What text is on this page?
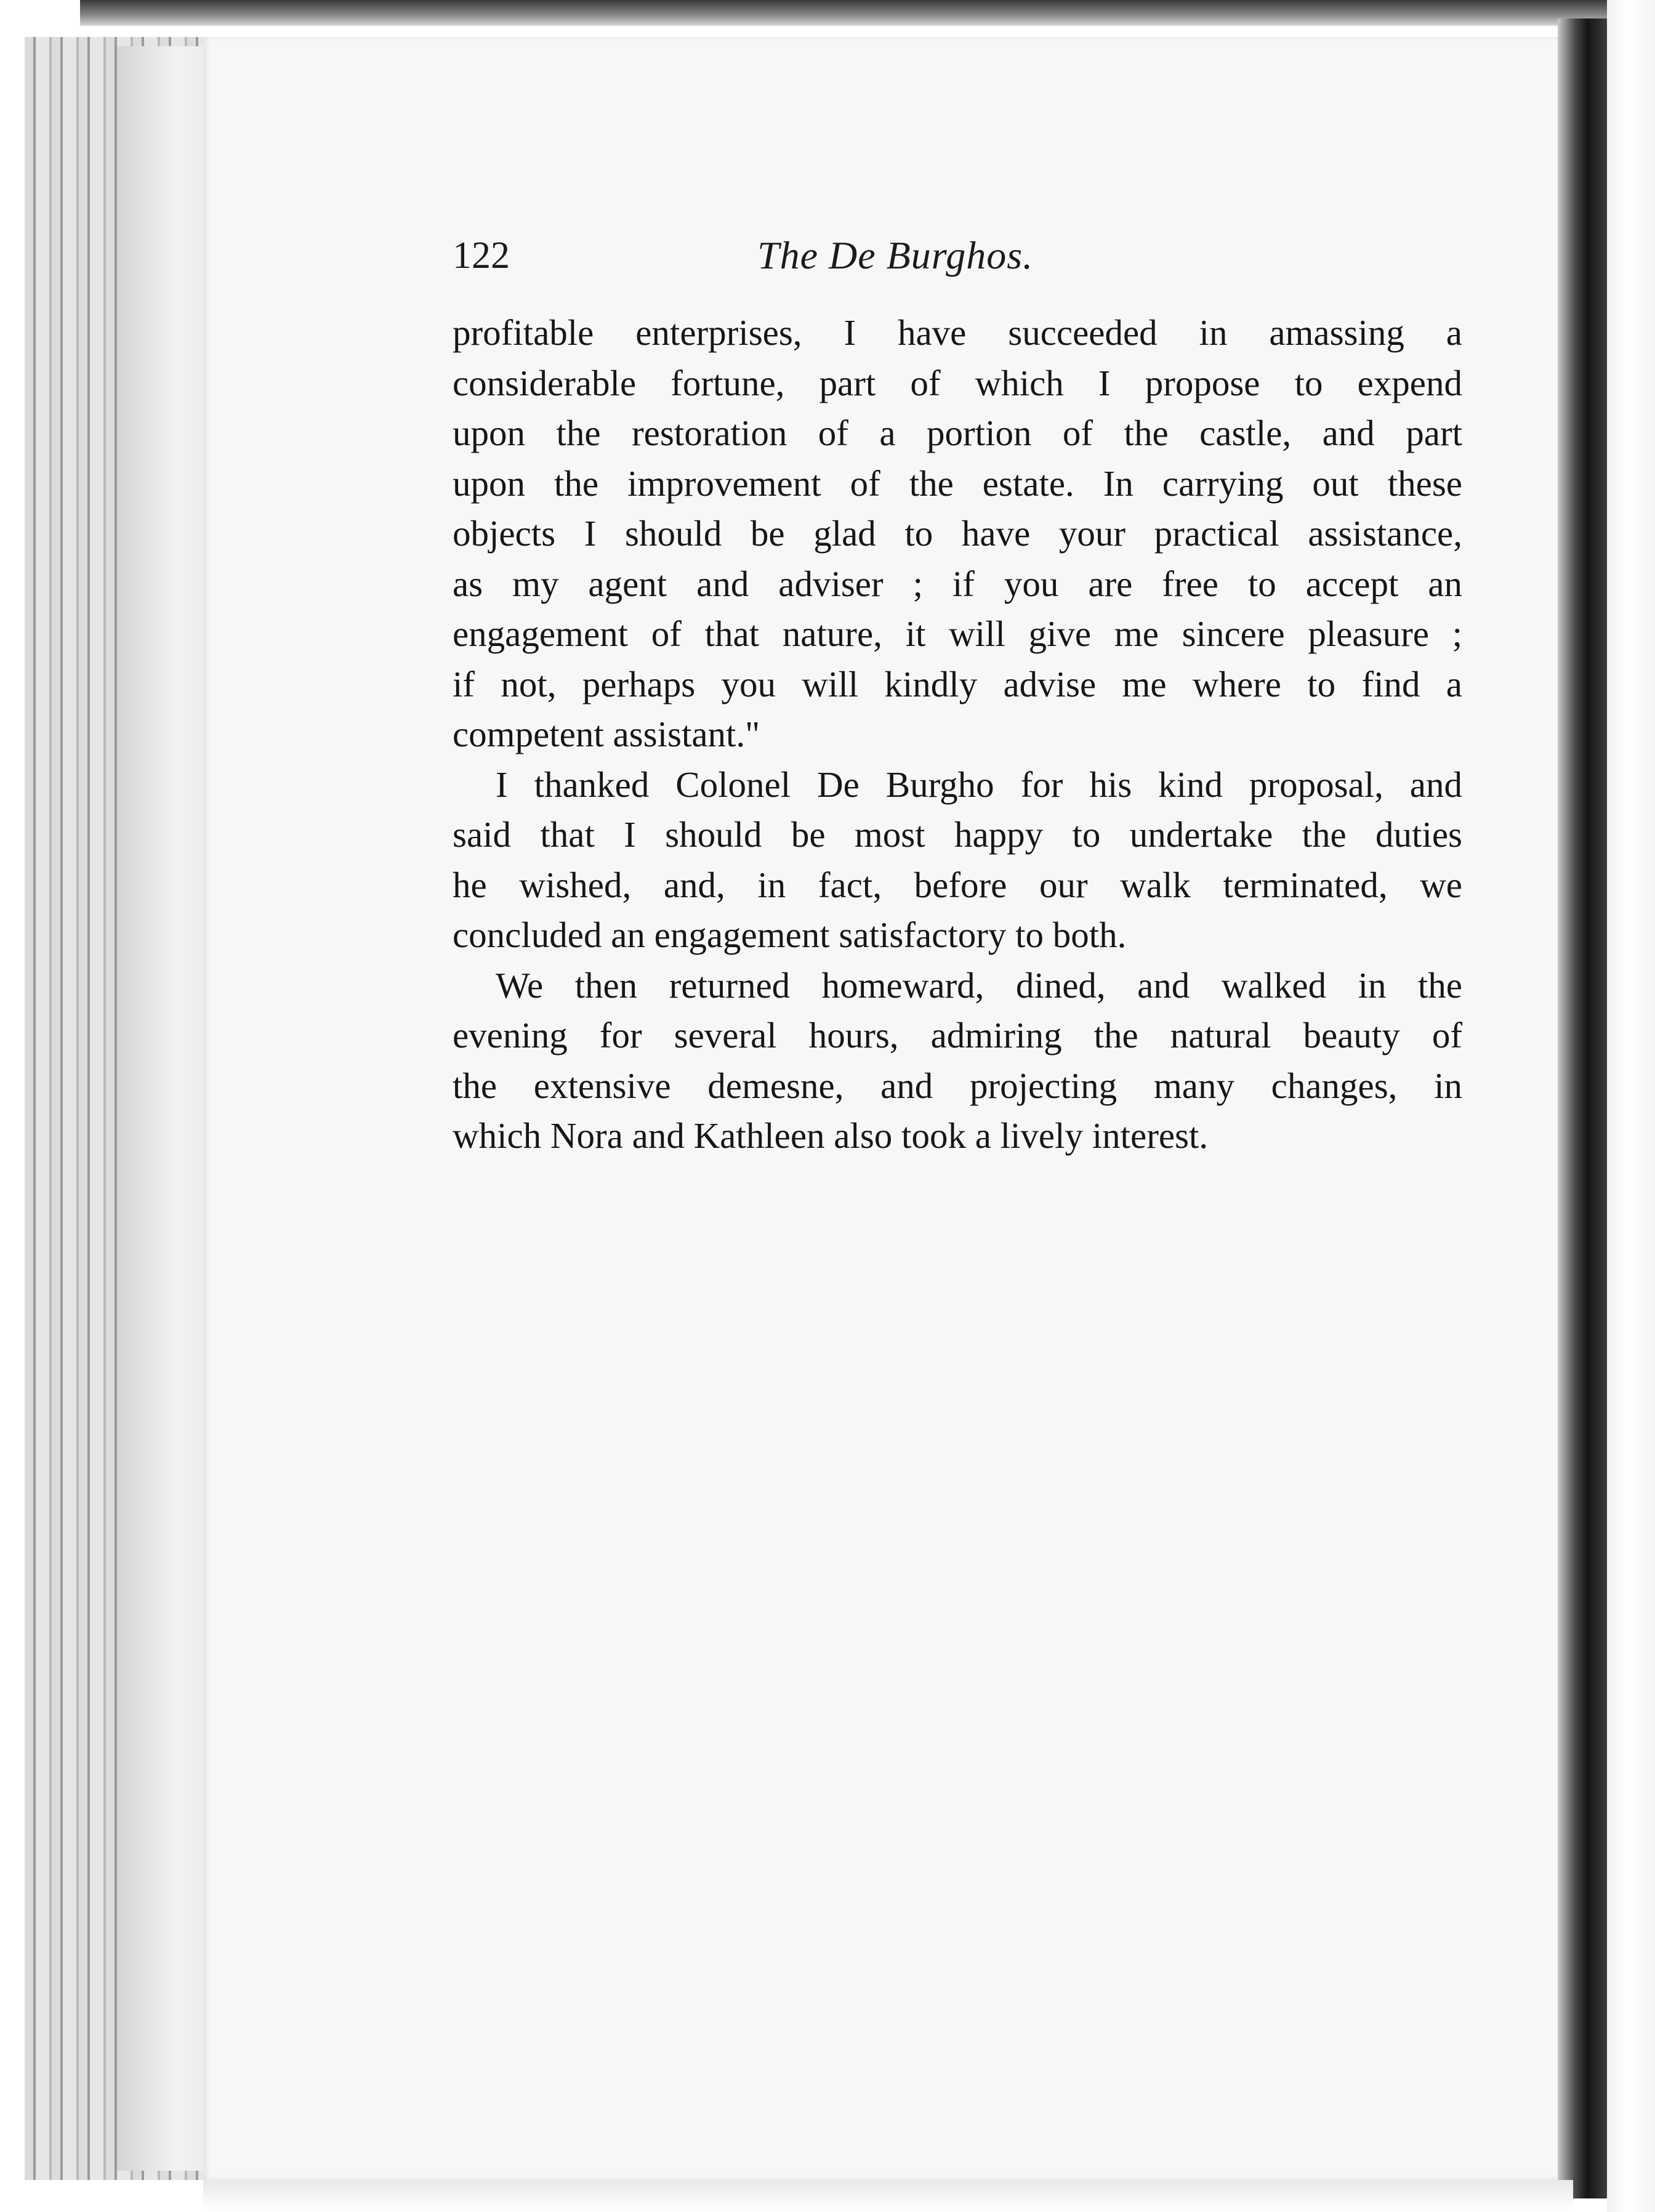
122	The De Burghos.
profitable enterprises, I have succeeded in amassing a
considerable fortune, part of which I propose to expend
upon the restoration of a portion of the castle, and part
upon the improvement of the estate. In carrying out these
objects I should be glad to have your practical assistance,
as my agent and adviser ; if you are free to accept an
engagement of that nature, it will give me sincere pleasure ;
if not, perhaps you will kindly advise me where to find a
competent assistant."
I thanked Colonel De Burgho for his kind proposal, and
said that I should be most happy to undertake the duties
he wished, and, in fact, before our walk terminated, we
concluded an engagement satisfactory to both.
We then returned homeward, dined, and walked in the
evening for several hours, admiring the natural beauty of
the extensive demesne, and projecting many changes, in
which Nora and Kathleen also took a lively interest.
